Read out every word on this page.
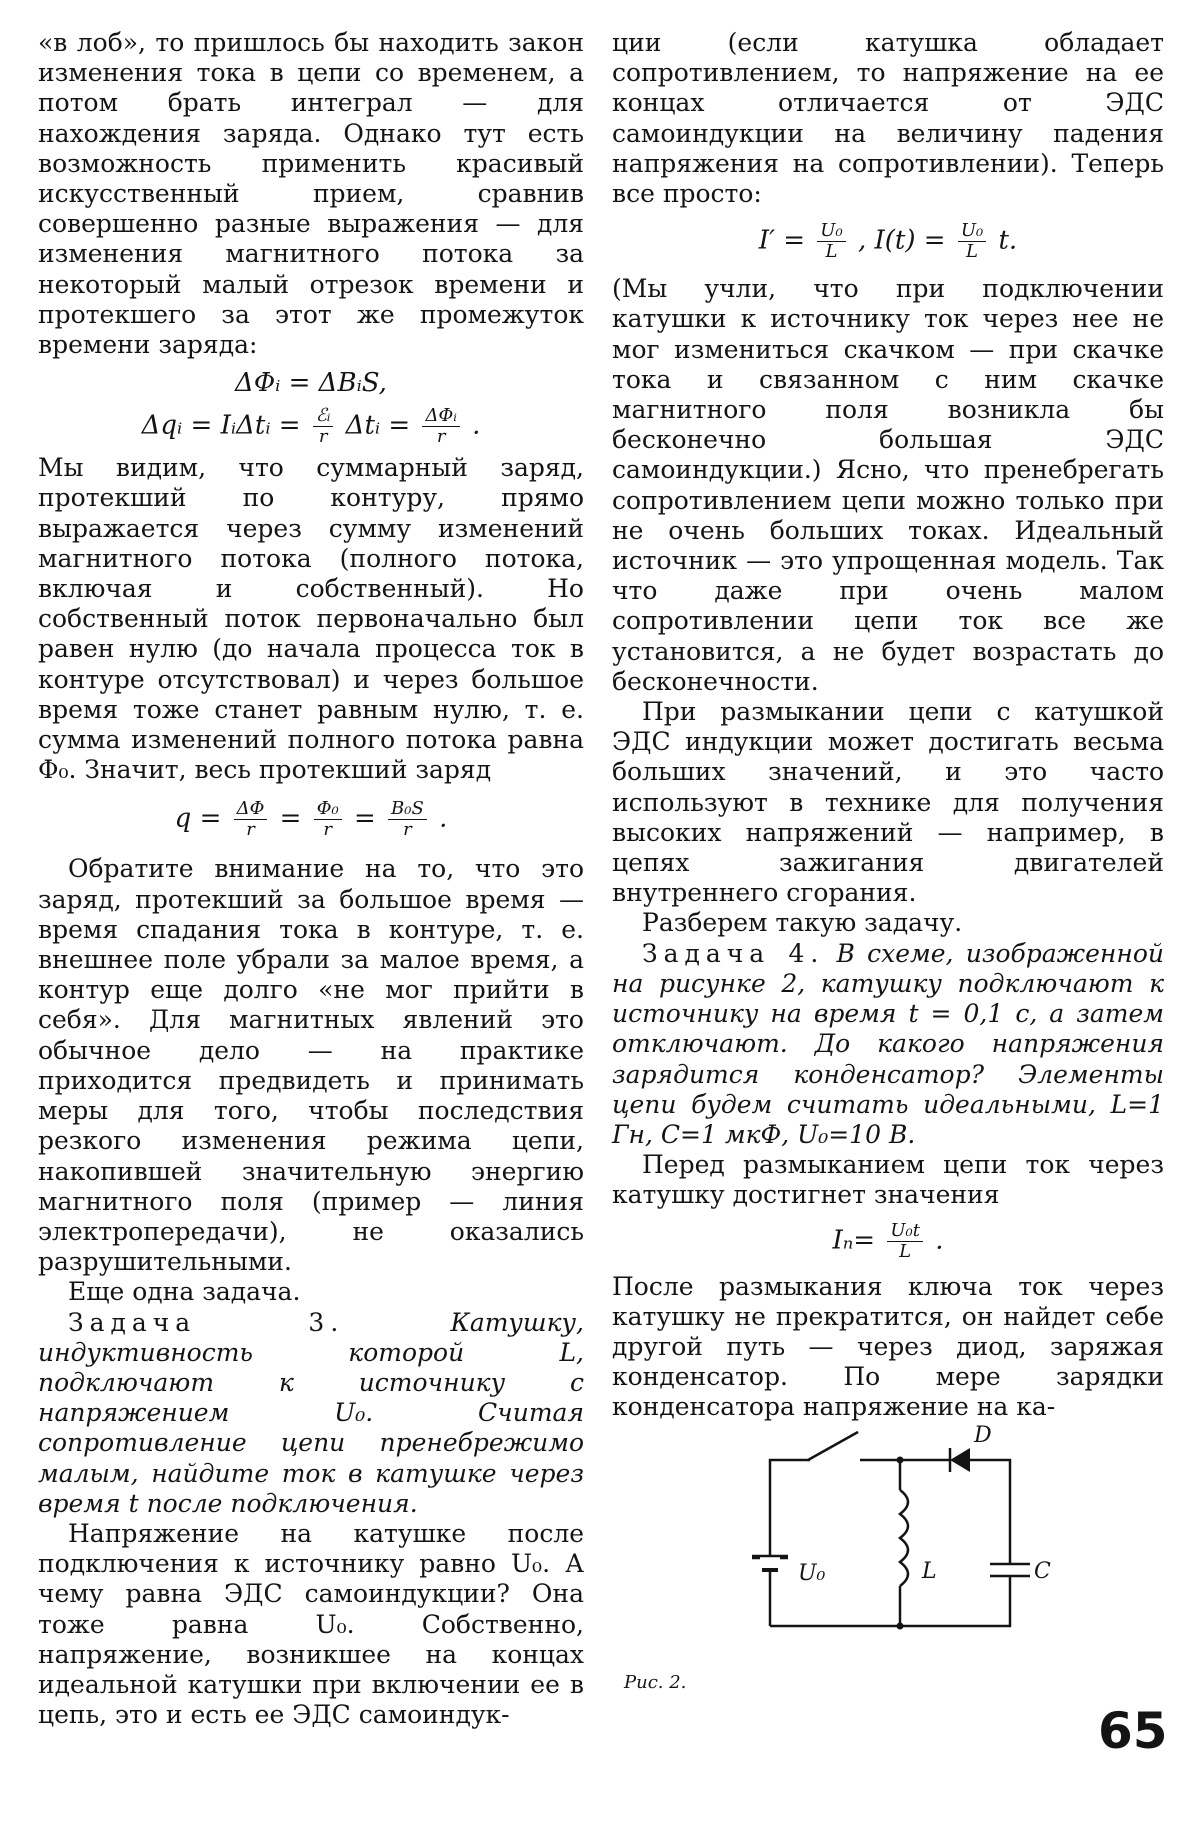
«в лоб», то пришлось бы находить закон изменения тока в цепи со временем, а потом брать интеграл — для нахождения заряда. Однако тут есть возможность применить красивый искусственный прием, сравнив совершенно разные выражения — для изменения магнитного потока за некоторый малый отрезок времени и протекшего за этот же промежуток времени заряда:

ΔΦᵢ = ΔBᵢS,
Δqᵢ = IᵢΔtᵢ = $\frac{\text{ℰᵢ}}{r}$ Δtᵢ = $\frac{\text{ΔΦᵢ}}{r}$ .

Мы видим, что суммарный заряд, протекший по контуру, прямо выражается через сумму изменений магнитного потока (полного потока, включая и собственный). Но собственный поток первоначально был равен нулю (до начала процесса ток в контуре отсутствовал) и через большое время тоже станет равным нулю, т. е. сумма изменений полного потока равна Φ₀. Значит, весь протекший заряд

$q = \frac{\Delta\Phi}{r} = \frac{\text{Φ₀}}{r} = \frac{\text{B₀S}}{r}$ .

Обратите внимание на то, что это заряд, протекший за большое время — время спадания тока в контуре, т. е. внешнее поле убрали за малое время, а контур еще долго «не мог прийти в себя». Для магнитных явлений это обычное дело — на практике приходится предвидеть и принимать меры для того, чтобы последствия резкого изменения режима цепи, накопившей значительную энергию магнитного поля (пример — линия электропередачи), не оказались разрушительными.

Еще одна задача.

Задача 3.	Катушку, индуктивность которой L, подключают к источнику с напряжением U₀. Считая сопротивление цепи пренебрежимо малым, найдите ток в катушке через время t после подключения.

Напряжение на катушке после подключения к источнику равно U₀. А чему равна ЭДС самоиндукции? Она тоже равна U₀. Собственно, напряжение, возникшее на концах идеальной катушки при включении ее в цепь, это и есть ее ЭДС самоиндук-

ции (если катушка обладает сопротивлением, то напряжение на ее концах отличается от ЭДС самоиндукции на величину падения напряжения на сопротивлении). Теперь все просто:

$I' = \frac{\text{U₀}}{L}$ , $I(t) = \frac{\text{U₀}}{L} t$.

(Мы учли, что при подключении катушки к источнику ток через нее не мог измениться скачком — при скачке тока и связанном с ним скачке магнитного поля возникла бы бесконечно большая ЭДС самоиндукции.) Ясно, что пренебрегать сопротивлением цепи можно только при не очень больших токах. Идеальный источник — это упрощенная модель. Так что даже при очень малом сопротивлении цепи ток все же установится, а не будет возрастать до бесконечности.

При размыкании цепи с катушкой ЭДС индукции может достигать весьма больших значений, и это часто используют в технике для получения высоких напряжений — например, в цепях зажигания двигателей внутреннего сгорания.

Разберем такую задачу.

Задача 4. В схеме, изображенной на рисунке 2, катушку подключают к источнику на время t = 0,1 с, а затем отключают. До какого напряжения зарядится конденсатор? Элементы цепи будем считать идеальными, L=1 Гн, C=1 мкФ, U₀=10 В.

Перед размыканием цепи ток через катушку достигнет значения

$I_n= \frac{\text{U₀t}}{L}$ .

После размыкания ключа ток через катушку не прекратится, он найдет себе другой путь — через диод, заряжая конденсатор. По мере зарядки конденсатора напряжение на ка-

D
U₀	L	C
Рис. 2.
65
